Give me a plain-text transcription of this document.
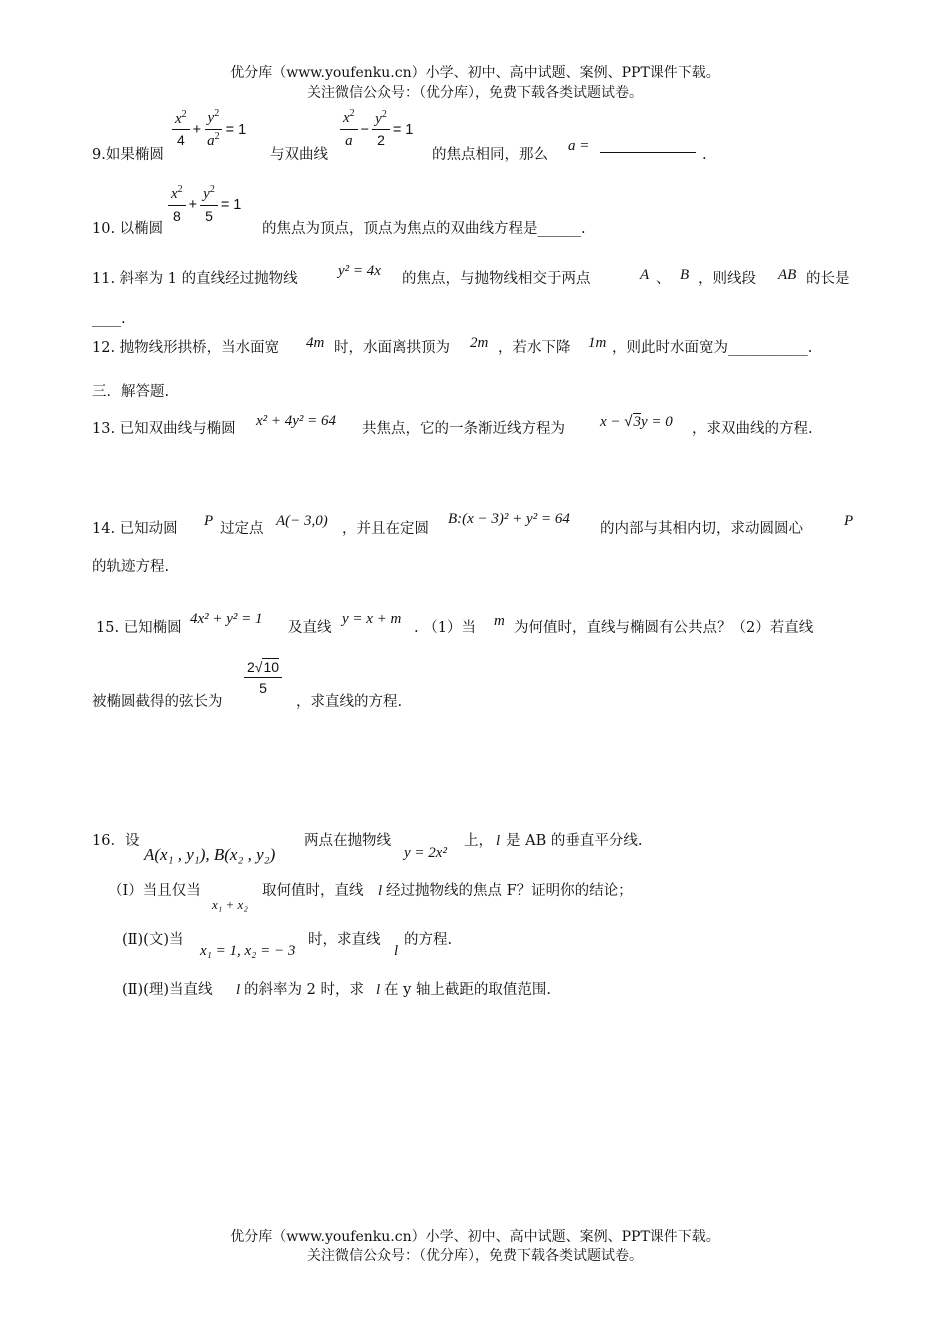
优分库（www.youfenku.cn）小学、初中、高中试题、案例、PPT课件下载。
关注微信公众号：（优分库），免费下载各类试题试卷。
9.如果椭圆
$\frac{x^2}{4} + \frac{y^2}{a^2} = 1$
与双曲线
$\frac{x^2}{a} - \frac{y^2}{2} = 1$
的焦点相同，那么
a =
.
10. 以椭圆
$\frac{x^2}{8} + \frac{y^2}{5} = 1$
的焦点为顶点，顶点为焦点的双曲线方程是______.
11. 斜率为 1 的直线经过抛物线	y² = 4x 的焦点，与抛物线相交于两点	A 、 B ，则线段 AB 的长是
____.
12. 抛物线形拱桥，当水面宽 4m 时，水面离拱顶为 2m ，若水下降 1m ，则此时水面宽为___________.
三．解答题.
13. 已知双曲线与椭圆 x² + 4y² = 64 共焦点，它的一条渐近线方程为 x − √3y = 0 ，求双曲线的方程.
14. 已知动圆 P 过定点 A(− 3,0) ，并且在定圆
B:(x − 3)² + y² = 64
的内部与其相内切，求动圆圆心	P
的轨迹方程.
15. 已知椭圆
4x² + y² = 1
及直线
y = x + m
. （1）当 m 为何值时，直线与椭圆有公共点？（2）若直线
被椭圆截得的弦长为
$\frac{2√10}{5}$
，求直线的方程.
16．设
A(x₁ , y₁), B(x₂ , y₂)
两点在抛物线
y = 2x²
上， l 是 AB 的垂直平分线.
（I）当且仅当
x₁ + x₂
取何值时，直线 l 经过抛物线的焦点 F？证明你的结论；
(Ⅱ)(文)当
x₁ = 1, x₂ = − 3
时，求直线
l
的方程.
(Ⅱ)(理)当直线 l 的斜率为 2 时，求 l 在 y 轴上截距的取值范围.
优分库（www.youfenku.cn）小学、初中、高中试题、案例、PPT课件下载。
关注微信公众号：（优分库），免费下载各类试题试卷。
